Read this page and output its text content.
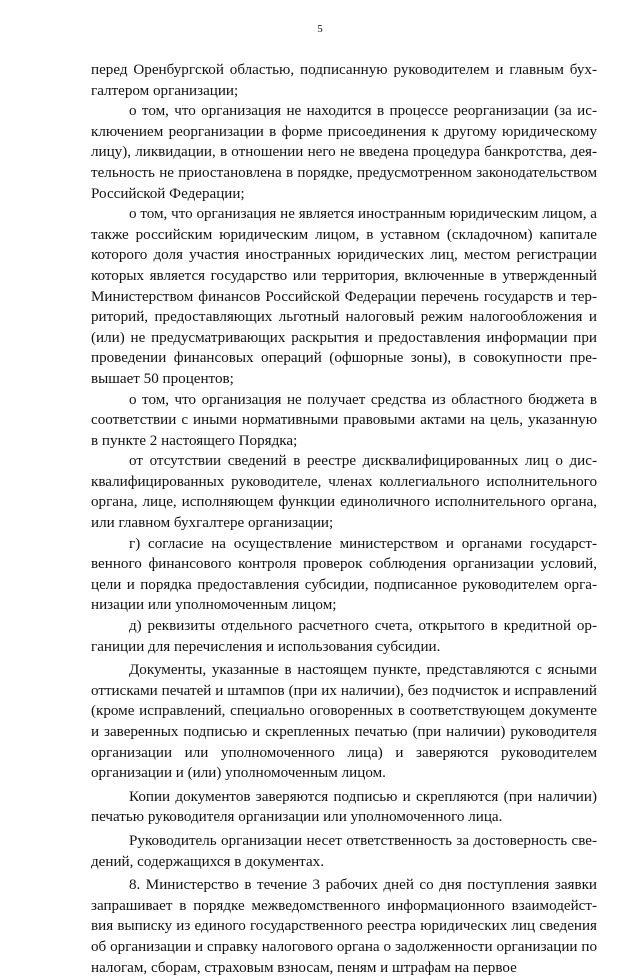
5

перед Оренбургской областью, подписанную руководителем и главным бухгалтером организации;

о том, что организация не находится в процессе реорганизации (за исключением реорганизации в форме присоединения к другому юридическому лицу), ликвидации, в отношении него не введена процедура банкротства, деятельность не приостановлена в порядке, предусмотренном законодательством Российской Федерации;

о том, что организация не является иностранным юридическим лицом, а также российским юридическим лицом, в уставном (складочном) капитале которого доля участия иностранных юридических лиц, местом регистрации которых является государство или территория, включенные в утвержденный Министерством финансов Российской Федерации перечень государств и территорий, предоставляющих льготный налоговый режим налогообложения и (или) не предусматривающих раскрытия и предоставления информации при проведении финансовых операций (офшорные зоны), в совокупности превышает 50 процентов;

о том, что организация не получает средства из областного бюджета в соответствии с иными нормативными правовыми актами на цель, указанную в пункте 2 настоящего Порядка;

от отсутствии сведений в реестре дисквалифицированных лиц о дисквалифицированных руководителе, членах коллегиального исполнительного органа, лице, исполняющем функции единоличного исполнительного органа, или главном бухгалтере организации;

г) согласие на осуществление министерством и органами государственного финансового контроля проверок соблюдения организации условий, цели и порядка предоставления субсидии, подписанное руководителем организации или уполномоченным лицом;

д) реквизиты отдельного расчетного счета, открытого в кредитной органиции для перечисления и использования субсидии.

Документы, указанные в настоящем пункте, представляются с ясными оттисками печатей и штампов (при их наличии), без подчисток и исправлений (кроме исправлений, специально оговоренных в соответствующем документе и заверенных подписью и скрепленных печатью (при наличии) руководителя организации или уполномоченного лица) и заверяются руководителем организации и (или) уполномоченным лицом.

Копии документов заверяются подписью и скрепляются (при наличии) печатью руководителя организации или уполномоченного лица.

Руководитель организации несет ответственность за достоверность сведений, содержащихся в документах.

8. Министерство в течение 3 рабочих дней со дня поступления заявки запрашивает в порядке межведомственного информационного взаимодействия выписку из единого государственного реестра юридических лиц сведения об организации и справку налогового органа о задолженности организации по налогам, сборам, страховым взносам, пеням и штрафам на первое
